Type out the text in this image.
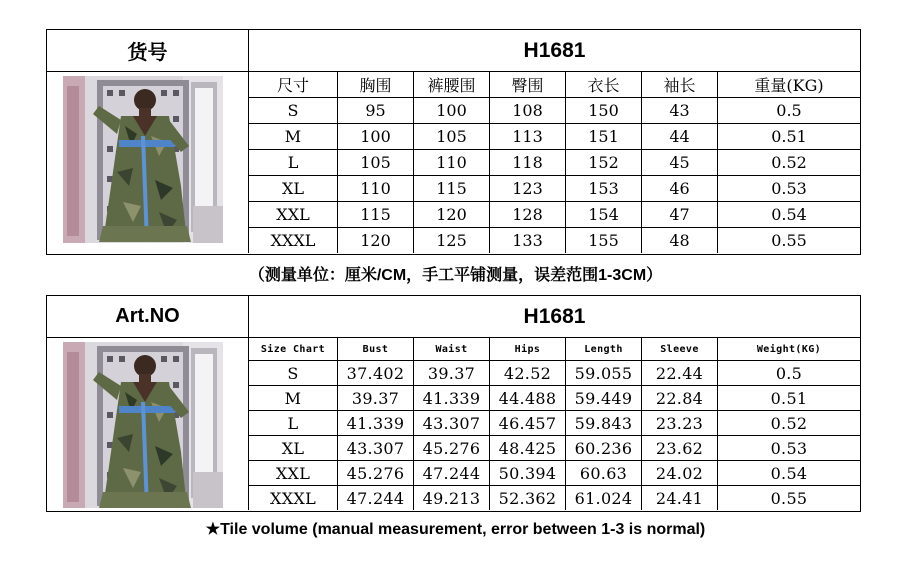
货号	H1681
尺寸	胸围	裤腰围	臀围	衣长	袖长	重量(KG)
S	95	100	108	150	43	0.5
M	100	105	113	151	44	0.51
L	105	110	118	152	45	0.52
XL	110	115	123	153	46	0.53
XXL	115	120	128	154	47	0.54
XXXL	120	125	133	155	48	0.55
（测量单位：厘米/CM，手工平铺测量，误差范围1-3CM）
Art.NO	H1681
Size Chart	Bust	Waist	Hips	Length	Sleeve	Weight(KG)
S	37.402	39.37	42.52	59.055	22.44	0.5
M	39.37	41.339	44.488	59.449	22.84	0.51
L	41.339	43.307	46.457	59.843	23.23	0.52
XL	43.307	45.276	48.425	60.236	23.62	0.53
XXL	45.276	47.244	50.394	60.63	24.02	0.54
XXXL	47.244	49.213	52.362	61.024	24.41	0.55
★Tile volume (manual measurement, error between 1-3 is normal)
